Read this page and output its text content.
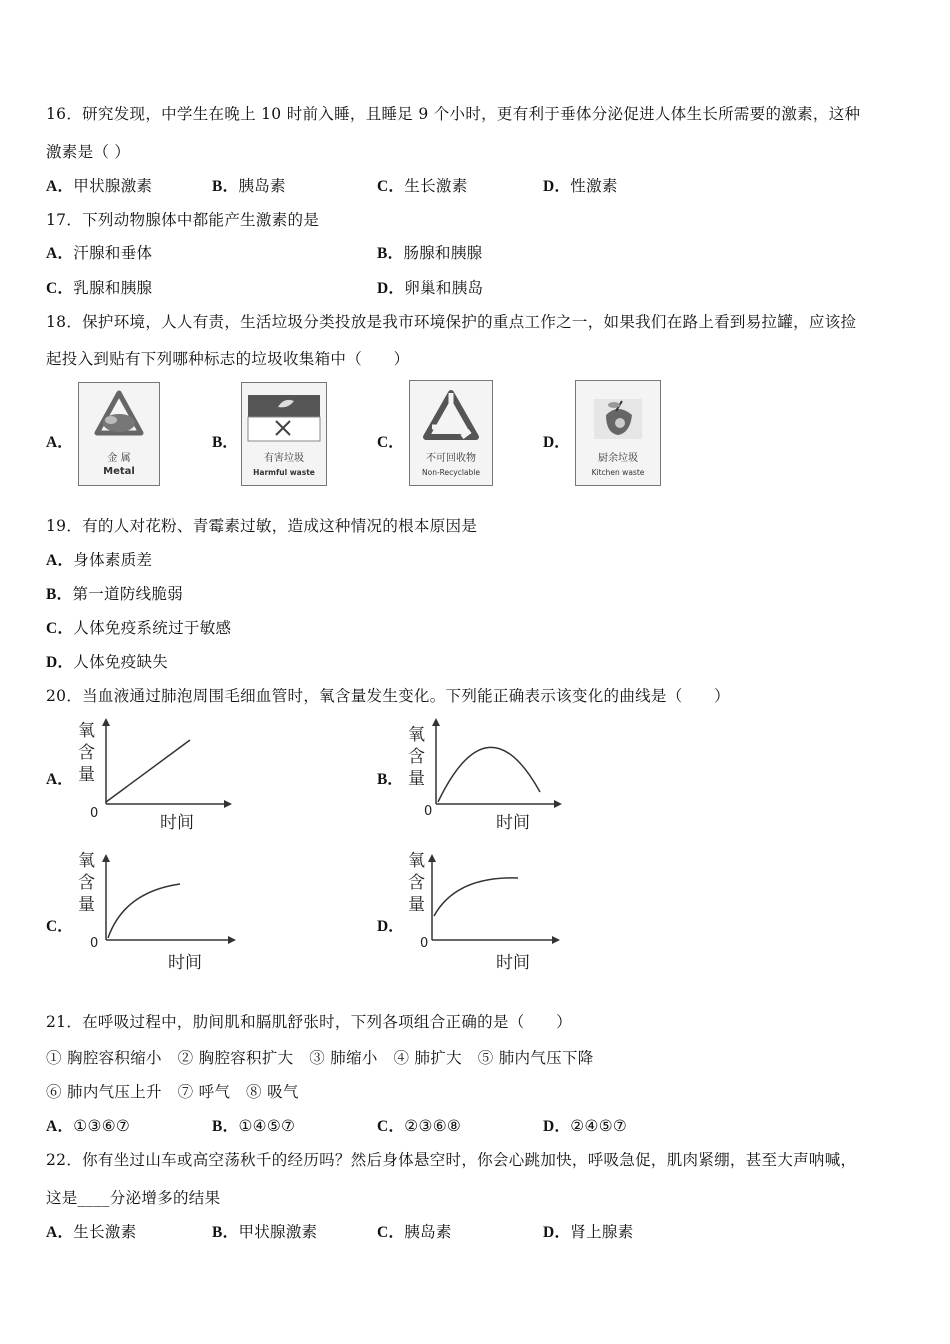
16．研究发现，中学生在晚上 10 时前入睡，且睡足 9 个小时，更有利于垂体分泌促进人体生长所需要的激素，这种
激素是（ ）
A．甲状腺激素	B．胰岛素	C．生长激素	D．性激素
17．下列动物腺体中都能产生激素的是
A．汗腺和垂体	B．肠腺和胰腺
C．乳腺和胰腺	D．卵巢和胰岛
18．保护环境，人人有责，生活垃圾分类投放是我市环境保护的重点工作之一，如果我们在路上看到易拉罐，应该捡
起投入到贴有下列哪种标志的垃圾收集箱中（　　）
A．
金 属
Metal
B．
有害垃圾
Harmful waste
C．
不可回收物
Non-Recyclable
D．
厨余垃圾
Kitchen waste
19．有的人对花粉、青霉素过敏，造成这种情况的根本原因是
A．身体素质差
B．第一道防线脆弱
C．人体免疫系统过于敏感
D．人体免疫缺失
20．当血液通过肺泡周围毛细血管时，氧含量发生变化。下列能正确表示该变化的曲线是（　　）
A．
氧
含
量
0	时间
B．
氧
含
量
0
时间
C．
氧
含
量
0
时间
D．
氧
含
量
0
时间
21．在呼吸过程中，肋间肌和膈肌舒张时，下列各项组合正确的是（　　）
① 胸腔容积缩小　② 胸腔容积扩大　③ 肺缩小　④ 肺扩大　⑤ 肺内气压下降
⑥ 肺内气压上升　⑦ 呼气　⑧ 吸气
A．①③⑥⑦	B．①④⑤⑦	C．②③⑥⑧	D．②④⑤⑦
22．你有坐过山车或高空荡秋千的经历吗？然后身体悬空时，你会心跳加快，呼吸急促，肌肉紧绷，甚至大声呐喊，
这是____分泌增多的结果
A．生长激素	B．甲状腺激素	C．胰岛素	D．肾上腺素
